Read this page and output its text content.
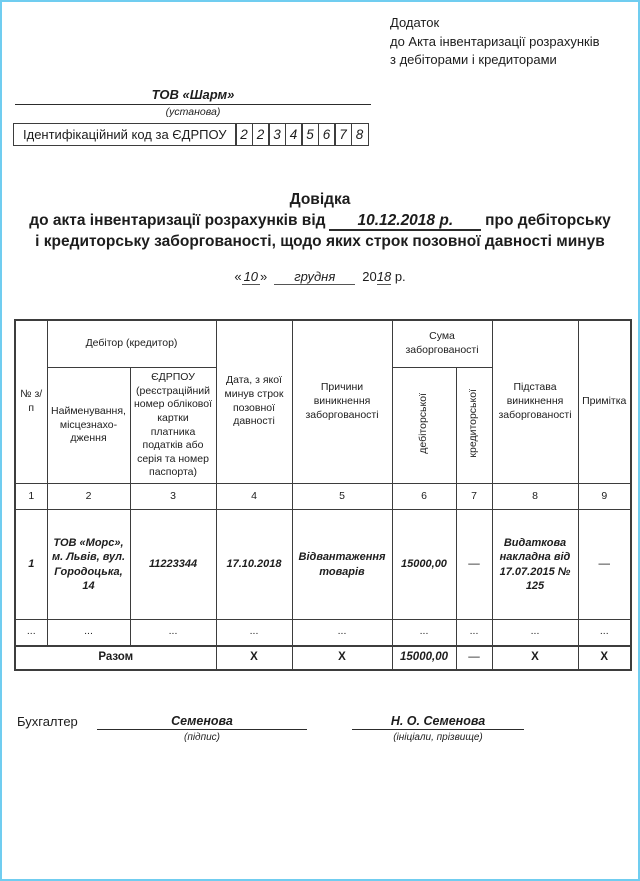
Додаток
до Акта інвентаризації розрахунків
з дебіторами і кредиторами
ТОВ «Шарм»
(установа)
Ідентифікаційний код за ЄДРПОУ	2 2 3 4 5 6 7 8
Довідка
до акта інвентаризації розрахунків від 10.12.2018 р. про дебіторську
і кредиторську заборгованості, щодо яких строк позовної давності минув
« 10 » грудня 2018 р.
№ з/п	Дебітор (кредитор)		Дата, з якої минув строк позовної давності	Причини виникнення заборгованості	Сума заборгованості		Підстава виникнення заборгованості	Примітка
	Найменування, місцезнахо-дження	ЄДРПОУ (реєстраційний номер облікової картки платника податків або серія та номер паспорта)			дебіторської	кредиторської		
1	2	3	4	5	6	7	8	9
1	ТОВ «Морс», м. Львів, вул. Городоцька, 14	11223344	17.10.2018	Відвантаження товарів	15000,00	—	Видаткова накладна від 17.07.2015 № 125	—
...	...	...	...	...	...	...	...	...
Разом			Х	Х	15000,00	—	Х	Х
Бухгалтер	Семенова
(підпис)
Н. О. Семенова
(ініціали, прізвище)
